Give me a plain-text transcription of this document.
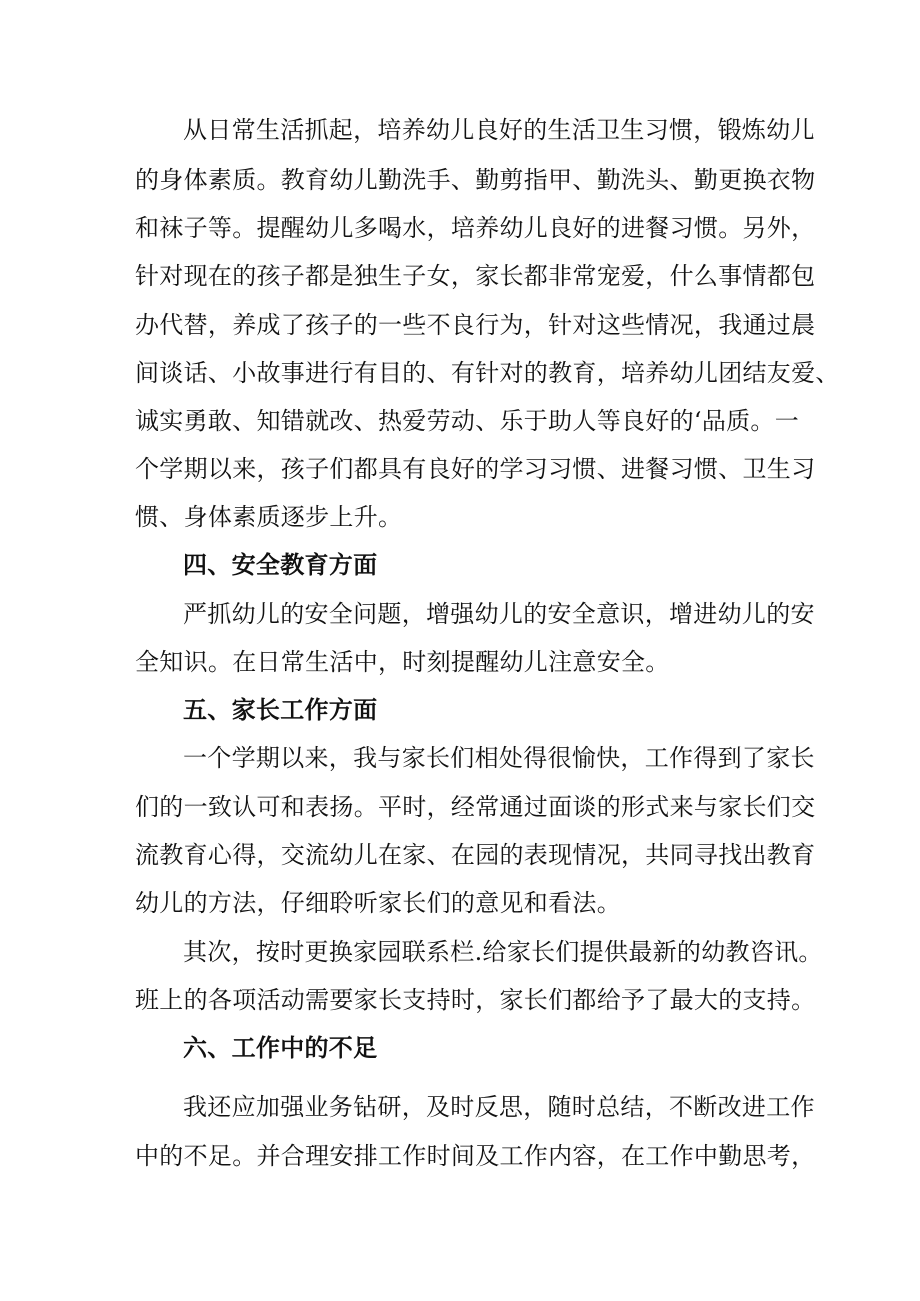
从日常生活抓起，培养幼儿良好的生活卫生习惯，锻炼幼儿
的身体素质。教育幼儿勤洗手、勤剪指甲、勤洗头、勤更换衣物
和袜子等。提醒幼儿多喝水，培养幼儿良好的进餐习惯。另外，
针对现在的孩子都是独生子女，家长都非常宠爱，什么事情都包
办代替，养成了孩子的一些不良行为，针对这些情况，我通过晨
间谈话、小故事进行有目的、有针对的教育，培养幼儿团结友爱、
诚实勇敢、知错就改、热爱劳动、乐于助人等良好的‘品质。一
个学期以来，孩子们都具有良好的学习习惯、进餐习惯、卫生习
惯、身体素质逐步上升。
四、安全教育方面
严抓幼儿的安全问题，增强幼儿的安全意识，增进幼儿的安
全知识。在日常生活中，时刻提醒幼儿注意安全。
五、家长工作方面
一个学期以来，我与家长们相处得很愉快，工作得到了家长
们的一致认可和表扬。平时，经常通过面谈的形式来与家长们交
流教育心得，交流幼儿在家、在园的表现情况，共同寻找出教育
幼儿的方法，仔细聆听家长们的意见和看法。
其次，按时更换家园联系栏.给家长们提供最新的幼教咨讯。
班上的各项活动需要家长支持时，家长们都给予了最大的支持。
六、工作中的不足
我还应加强业务钻研，及时反思，随时总结，不断改进工作
中的不足。并合理安排工作时间及工作内容，在工作中勤思考，
